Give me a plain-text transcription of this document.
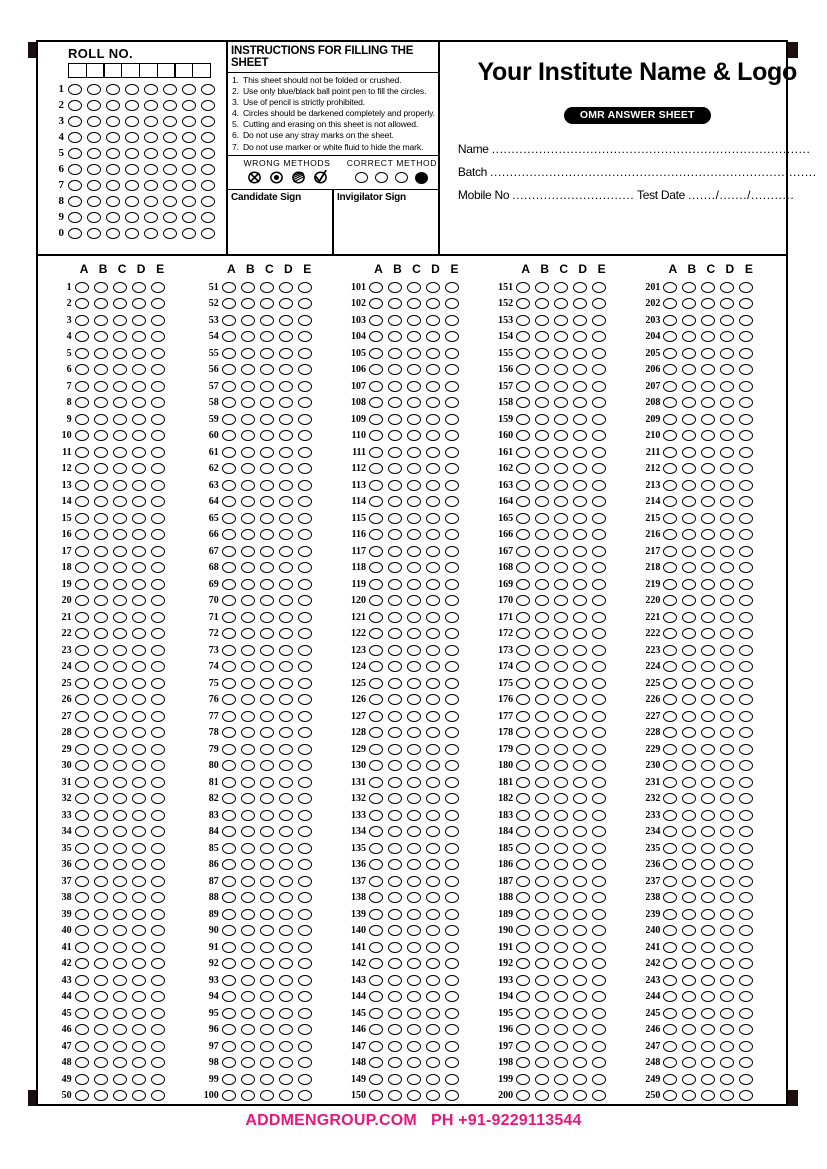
ROLL NO.
1
2
3
4
5
6
7
8
9
0
INSTRUCTIONS FOR FILLING THE SHEET
1. This sheet should not be folded or crushed.
2. Use only blue/black ball point pen to fill the circles.
3. Use of pencil is strictly prohibited.
4. Circles should be darkened completely and properly.
5. Cutting and erasing on this sheet is not allowed.
6. Do not use any stray marks on the sheet.
7. Do not use marker or white fluid to hide the mark.
WRONG METHODS	CORRECT METHOD
Candidate Sign	Invigilator Sign
Your Institute Name & Logo
OMR ANSWER SHEET
Name .................................................................................
Batch ...................................................................................
Mobile No ............................... Test Date ......./......./...........
A B C D E
1
2
3
4
5
6
7
8
9
10
11
12
13
14
15
16
17
18
19
20
21
22
23
24
25
26
27
28
29
30
31
32
33
34
35
36
37
38
39
40
41
42
43
44
45
46
47
48
49
50
A B C D E
51
52
53
54
55
56
57
58
59
60
61
62
63
64
65
66
67
68
69
70
71
72
73
74
75
76
77
78
79
80
81
82
83
84
85
86
87
88
89
90
91
92
93
94
95
96
97
98
99
100
A B C D E
101
102
103
104
105
106
107
108
109
110
111
112
113
114
115
116
117
118
119
120
121
122
123
124
125
126
127
128
129
130
131
132
133
134
135
136
137
138
139
140
141
142
143
144
145
146
147
148
149
150
A B C D E
151
152
153
154
155
156
157
158
159
160
161
162
163
164
165
166
167
168
169
170
171
172
173
174
175
176
177
178
179
180
181
182
183
184
185
186
187
188
189
190
191
192
193
194
195
196
197
198
199
200
A B C D E
201
202
203
204
205
206
207
208
209
210
211
212
213
214
215
216
217
218
219
220
221
222
223
224
225
226
227
228
229
230
231
232
233
234
235
236
237
238
239
240
241
242
243
244
245
246
247
248
249
250
ADDMENGROUP.COM PH +91-9229113544
